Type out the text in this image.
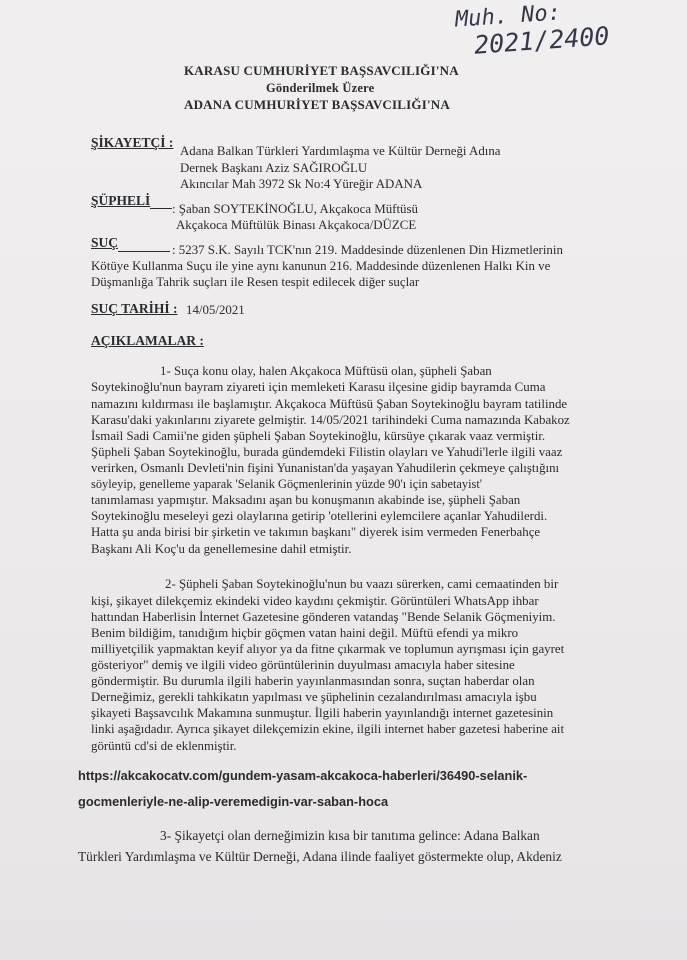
Muh. No:
2021/2400
KARASU CUMHURİYET BAŞSAVCILIĞI'NA
Gönderilmek Üzere
ADANA CUMHURİYET BAŞSAVCILIĞI'NA
ŞİKAYETÇİ :
Adana Balkan Türkleri Yardımlaşma ve Kültür Derneği Adına
Dernek Başkanı Aziz SAĞIROĞLU
Akıncılar Mah 3972 Sk No:4 Yüreğir ADANA
ŞÜPHELİ
: Şaban SOYTEKİNOĞLU, Akçakoca Müftüsü
Akçakoca Müftülük Binası Akçakoca/DÜZCE
SUÇ	: 5237 S.K. Sayılı TCK'nın 219. Maddesinde düzenlenen Din Hizmetlerinin
Kötüye Kullanma Suçu ile yine aynı kanunun 216. Maddesinde düzenlenen Halkı Kin ve
Düşmanlığa Tahrik suçları ile Resen tespit edilecek diğer suçlar
SUÇ TARİHİ : 14/05/2021
AÇIKLAMALAR :
1- Suça konu olay, halen Akçakoca Müftüsü olan, şüpheli Şaban
Soytekinoğlu'nun bayram ziyareti için memleketi Karasu ilçesine gidip bayramda Cuma
namazını kıldırması ile başlamıştır. Akçakoca Müftüsü Şaban Soytekinoğlu bayram tatilinde
Karasu'daki yakınlarını ziyarete gelmiştir. 14/05/2021 tarihindeki Cuma namazında Kabakoz
İsmail Sadi Camii'ne giden şüpheli Şaban Soytekinoğlu, kürsüye çıkarak vaaz vermiştir.
Şüpheli Şaban Soytekinoğlu, burada gündemdeki Filistin olayları ve Yahudi'lerle ilgili vaaz
verirken, Osmanlı Devleti'nin fişini Yunanistan'da yaşayan Yahudilerin çekmeye çalıştığını
söyleyip, genelleme yaparak 'Selanik Göçmenlerinin yüzde 90'ı için sabetayist'
tanımlaması yapmıştır. Maksadını aşan bu konuşmanın akabinde ise, şüpheli Şaban
Soytekinoğlu meseleyi gezi olaylarına getirip 'otellerini eylemcilere açanlar Yahudilerdi.
Hatta şu anda birisi bir şirketin ve takımın başkanı" diyerek isim vermeden Fenerbahçe
Başkanı Ali Koç'u da genellemesine dahil etmiştir.
2- Şüpheli Şaban Soytekinoğlu'nun bu vaazı sürerken, cami cemaatinden bir
kişi, şikayet dilekçemiz ekindeki video kaydını çekmiştir. Görüntüleri WhatsApp ihbar
hattından Haberlisin İnternet Gazetesine gönderen vatandaş "Bende Selanik Göçmeniyim.
Benim bildiğim, tanıdığım hiçbir göçmen vatan haini değil. Müftü efendi ya mikro
milliyetçilik yapmaktan keyif alıyor ya da fitne çıkarmak ve toplumun ayrışması için gayret
gösteriyor" demiş ve ilgili video görüntülerinin duyulması amacıyla haber sitesine
göndermiştir. Bu durumla ilgili haberin yayınlanmasından sonra, suçtan haberdar olan
Derneğimiz, gerekli tahkikatın yapılması ve şüphelinin cezalandırılması amacıyla işbu
şikayeti Başsavcılık Makamına sunmuştur. İlgili haberin yayınlandığı internet gazetesinin
linki aşağıdadır. Ayrıca şikayet dilekçemizin ekine, ilgili internet haber gazetesi haberine ait
görüntü cd'si de eklenmiştir.
https://akcakocatv.com/gundem-yasam-akcakoca-haberleri/36490-selanik-
gocmenleriyle-ne-alip-veremedigin-var-saban-hoca
3- Şikayetçi olan derneğimizin kısa bir tanıtıma gelince: Adana Balkan
Türkleri Yardımlaşma ve Kültür Derneği, Adana ilinde faaliyet göstermekte olup, Akdeniz
